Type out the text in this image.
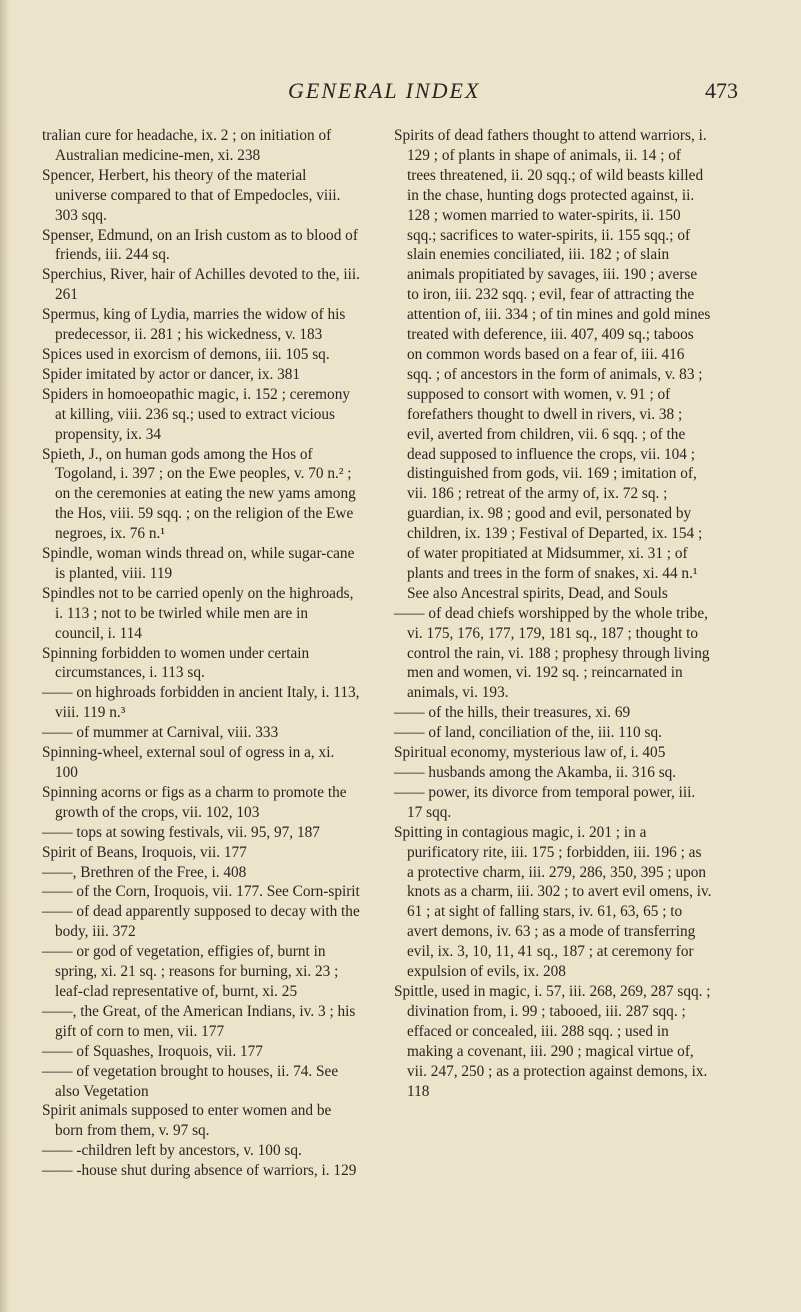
GENERAL INDEX	473
tralian cure for headache, ix. 2 ; on initiation of Australian medicine-men, xi. 238
Spencer, Herbert, his theory of the material universe compared to that of Empedocles, viii. 303 sqq.
Spenser, Edmund, on an Irish custom as to blood of friends, iii. 244 sq.
Sperchius, River, hair of Achilles devoted to the, iii. 261
Spermus, king of Lydia, marries the widow of his predecessor, ii. 281 ; his wickedness, v. 183
Spices used in exorcism of demons, iii. 105 sq.
Spider imitated by actor or dancer, ix. 381
Spiders in homoeopathic magic, i. 152 ; ceremony at killing, viii. 236 sq.; used to extract vicious propensity, ix. 34
Spieth, J., on human gods among the Hos of Togoland, i. 397 ; on the Ewe peoples, v. 70 n.² ; on the ceremonies at eating the new yams among the Hos, viii. 59 sqq. ; on the religion of the Ewe negroes, ix. 76 n.¹
Spindle, woman winds thread on, while sugar-cane is planted, viii. 119
Spindles not to be carried openly on the highroads, i. 113 ; not to be twirled while men are in council, i. 114
Spinning forbidden to women under certain circumstances, i. 113 sq.
—— on highroads forbidden in ancient Italy, i. 113, viii. 119 n.³
—— of mummer at Carnival, viii. 333
Spinning-wheel, external soul of ogress in a, xi. 100
Spinning acorns or figs as a charm to promote the growth of the crops, vii. 102, 103
—— tops at sowing festivals, vii. 95, 97, 187
Spirit of Beans, Iroquois, vii. 177
——, Brethren of the Free, i. 408
—— of the Corn, Iroquois, vii. 177. See Corn-spirit
—— of dead apparently supposed to decay with the body, iii. 372
—— or god of vegetation, effigies of, burnt in spring, xi. 21 sq. ; reasons for burning, xi. 23 ; leaf-clad representative of, burnt, xi. 25
——, the Great, of the American Indians, iv. 3 ; his gift of corn to men, vii. 177
—— of Squashes, Iroquois, vii. 177
—— of vegetation brought to houses, ii. 74. See also Vegetation
Spirit animals supposed to enter women and be born from them, v. 97 sq.
—— -children left by ancestors, v. 100 sq.
—— -house shut during absence of warriors, i. 129
Spirits of dead fathers thought to attend warriors, i. 129 ; of plants in shape of animals, ii. 14 ; of trees threatened, ii. 20 sqq.; of wild beasts killed in the chase, hunting dogs protected against, ii. 128 ; women married to water-spirits, ii. 150 sqq.; sacrifices to water-spirits, ii. 155 sqq.; of slain enemies conciliated, iii. 182 ; of slain animals propitiated by savages, iii. 190 ; averse to iron, iii. 232 sqq. ; evil, fear of attracting the attention of, iii. 334 ; of tin mines and gold mines treated with deference, iii. 407, 409 sq.; taboos on common words based on a fear of, iii. 416 sqq. ; of ancestors in the form of animals, v. 83 ; supposed to consort with women, v. 91 ; of forefathers thought to dwell in rivers, vi. 38 ; evil, averted from children, vii. 6 sqq. ; of the dead supposed to influence the crops, vii. 104 ; distinguished from gods, vii. 169 ; imitation of, vii. 186 ; retreat of the army of, ix. 72 sq. ; guardian, ix. 98 ; good and evil, personated by children, ix. 139 ; Festival of Departed, ix. 154 ; of water propitiated at Midsummer, xi. 31 ; of plants and trees in the form of snakes, xi. 44 n.¹ See also Ancestral spirits, Dead, and Souls
—— of dead chiefs worshipped by the whole tribe, vi. 175, 176, 177, 179, 181 sq., 187 ; thought to control the rain, vi. 188 ; prophesy through living men and women, vi. 192 sq. ; reincarnated in animals, vi. 193.
—— of the hills, their treasures, xi. 69
—— of land, conciliation of the, iii. 110 sq.
Spiritual economy, mysterious law of, i. 405
—— husbands among the Akamba, ii. 316 sq.
—— power, its divorce from temporal power, iii. 17 sqq.
Spitting in contagious magic, i. 201 ; in a purificatory rite, iii. 175 ; forbidden, iii. 196 ; as a protective charm, iii. 279, 286, 350, 395 ; upon knots as a charm, iii. 302 ; to avert evil omens, iv. 61 ; at sight of falling stars, iv. 61, 63, 65 ; to avert demons, iv. 63 ; as a mode of transferring evil, ix. 3, 10, 11, 41 sq., 187 ; at ceremony for expulsion of evils, ix. 208
Spittle, used in magic, i. 57, iii. 268, 269, 287 sqq. ; divination from, i. 99 ; tabooed, iii. 287 sqq. ; effaced or concealed, iii. 288 sqq. ; used in making a covenant, iii. 290 ; magical virtue of, vii. 247, 250 ; as a protection against demons, ix. 118
